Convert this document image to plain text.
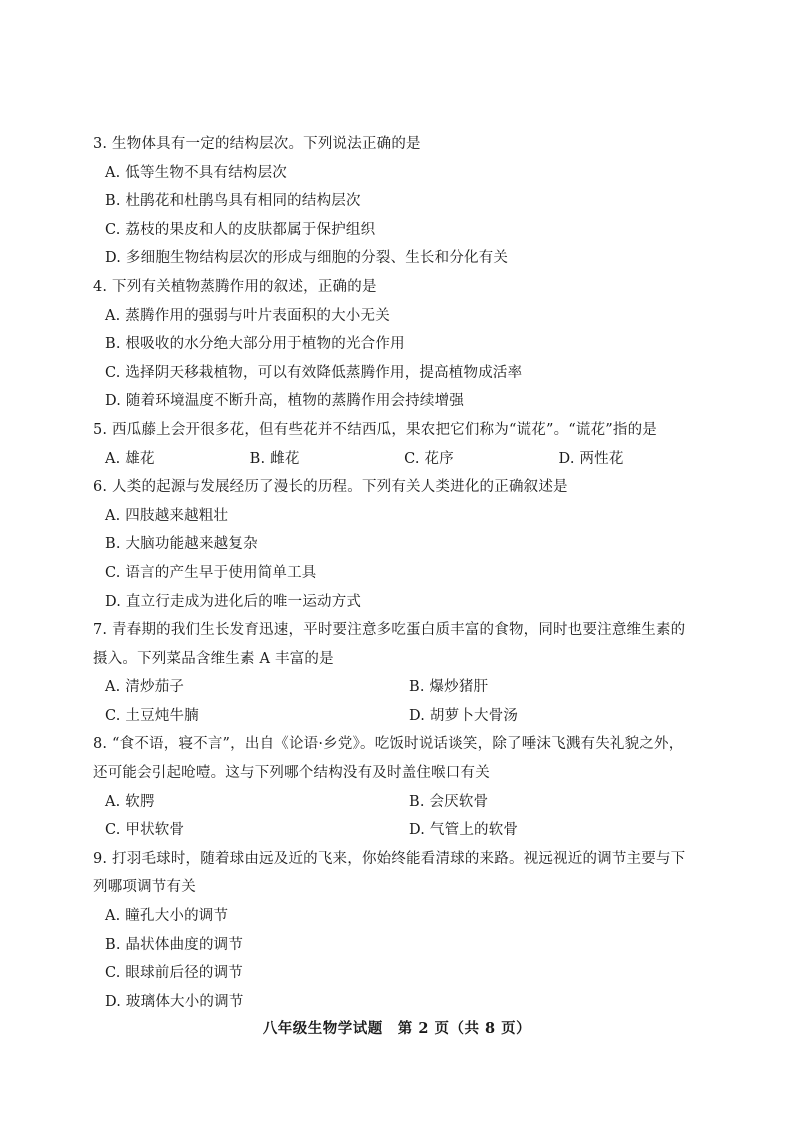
3. 生物体具有一定的结构层次。下列说法正确的是

A. 低等生物不具有结构层次

B. 杜鹃花和杜鹃鸟具有相同的结构层次

C. 荔枝的果皮和人的皮肤都属于保护组织

D. 多细胞生物结构层次的形成与细胞的分裂、生长和分化有关

4. 下列有关植物蒸腾作用的叙述，正确的是

A. 蒸腾作用的强弱与叶片表面积的大小无关

B. 根吸收的水分绝大部分用于植物的光合作用

C. 选择阴天移栽植物，可以有效降低蒸腾作用，提高植物成活率

D. 随着环境温度不断升高，植物的蒸腾作用会持续增强

5. 西瓜藤上会开很多花，但有些花并不结西瓜，果农把它们称为“谎花”。“谎花”指的是

A. 雄花	B. 雌花	C. 花序	D. 两性花

6. 人类的起源与发展经历了漫长的历程。下列有关人类进化的正确叙述是

A. 四肢越来越粗壮

B. 大脑功能越来越复杂

C. 语言的产生早于使用简单工具

D. 直立行走成为进化后的唯一运动方式

7. 青春期的我们生长发育迅速，平时要注意多吃蛋白质丰富的食物，同时也要注意维生素的

摄入。下列菜品含维生素 A 丰富的是

A. 清炒茄子	B. 爆炒猪肝
C. 土豆炖牛腩	D. 胡萝卜大骨汤

8. “食不语，寝不言”，出自《论语·乡党》。吃饭时说话谈笑，除了唾沫飞溅有失礼貌之外，

还可能会引起呛噎。这与下列哪个结构没有及时盖住喉口有关

A. 软腭	B. 会厌软骨
C. 甲状软骨	D. 气管上的软骨

9. 打羽毛球时，随着球由远及近的飞来，你始终能看清球的来路。视远视近的调节主要与下

列哪项调节有关

A. 瞳孔大小的调节

B. 晶状体曲度的调节

C. 眼球前后径的调节

D. 玻璃体大小的调节

八年级生物学试题　第 2 页（共 8 页）
